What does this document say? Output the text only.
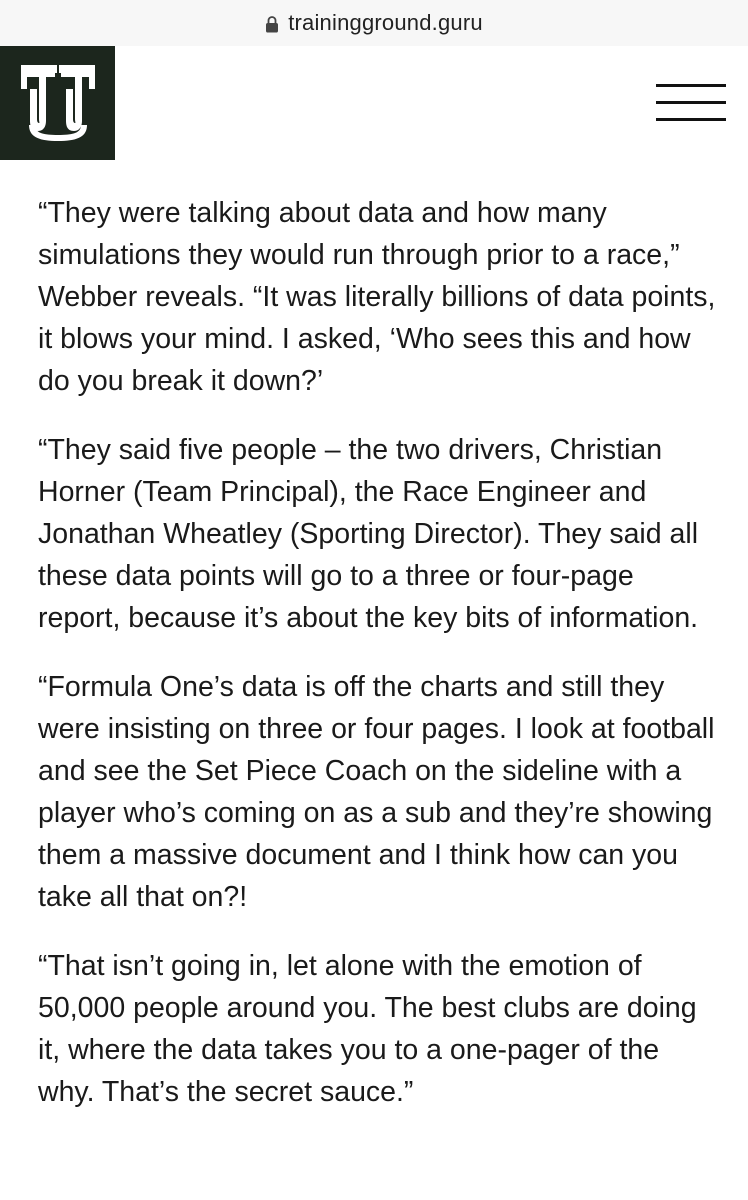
trainingground.guru

“They were talking about data and how many simulations they would run through prior to a race,” Webber reveals. “It was literally billions of data points, it blows your mind. I asked, ‘Who sees this and how do you break it down?’

“They said five people – the two drivers, Christian Horner (Team Principal), the Race Engineer and Jonathan Wheatley (Sporting Director). They said all these data points will go to a three or four-page report, because it’s about the key bits of information.

“Formula One’s data is off the charts and still they were insisting on three or four pages. I look at football and see the Set Piece Coach on the sideline with a player who’s coming on as a sub and they’re showing them a massive document and I think how can you take all that on?!

“That isn’t going in, let alone with the emotion of 50,000 people around you. The best clubs are doing it, where the data takes you to a one-pager of the why. That’s the secret sauce.”
